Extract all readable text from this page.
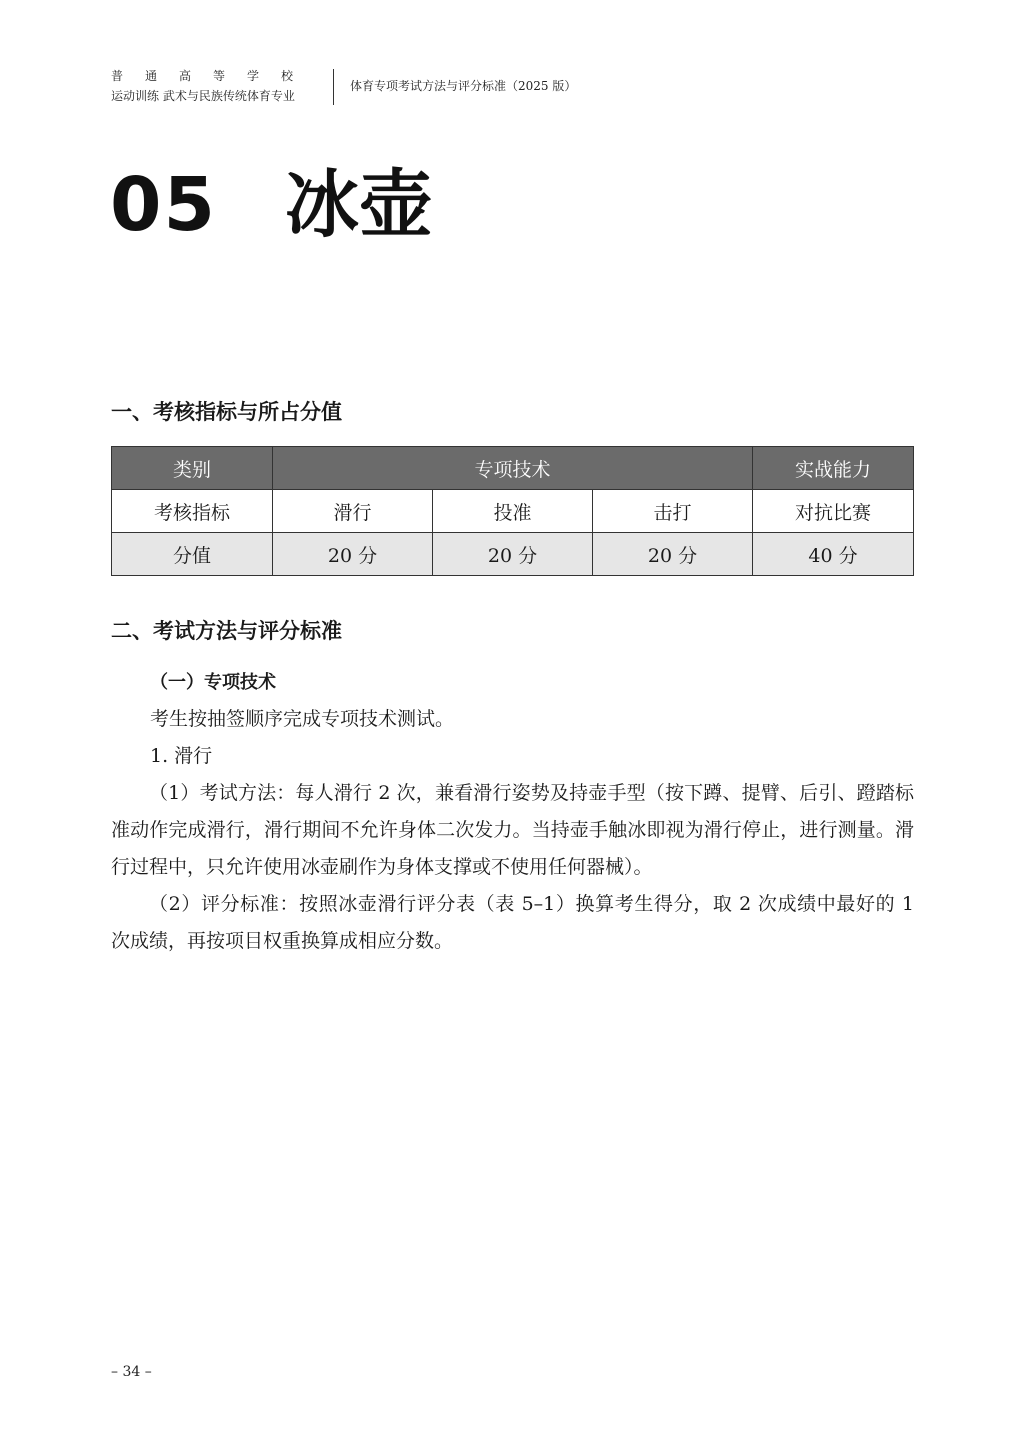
普通高等学校
运动训练 武术与民族传统体育专业
体育专项考试方法与评分标准（2025 版）
05 冰壶
一、考核指标与所占分值
类别	专项技术			实战能力
考核指标	滑行	投准	击打	对抗比赛
分值	20 分	20 分	20 分	40 分
二、考试方法与评分标准
（一）专项技术
考生按抽签顺序完成专项技术测试。
1. 滑行
（1）考试方法：每人滑行 2 次，兼看滑行姿势及持壶手型（按下蹲、提臂、后引、蹬踏标准动作完成滑行，滑行期间不允许身体二次发力。当持壶手触冰即视为滑行停止，进行测量。滑行过程中，只允许使用冰壶刷作为身体支撑或不使用任何器械）。
（2）评分标准：按照冰壶滑行评分表（表 5–1）换算考生得分，取 2 次成绩中最好的 1 次成绩，再按项目权重换算成相应分数。
– 34 –
